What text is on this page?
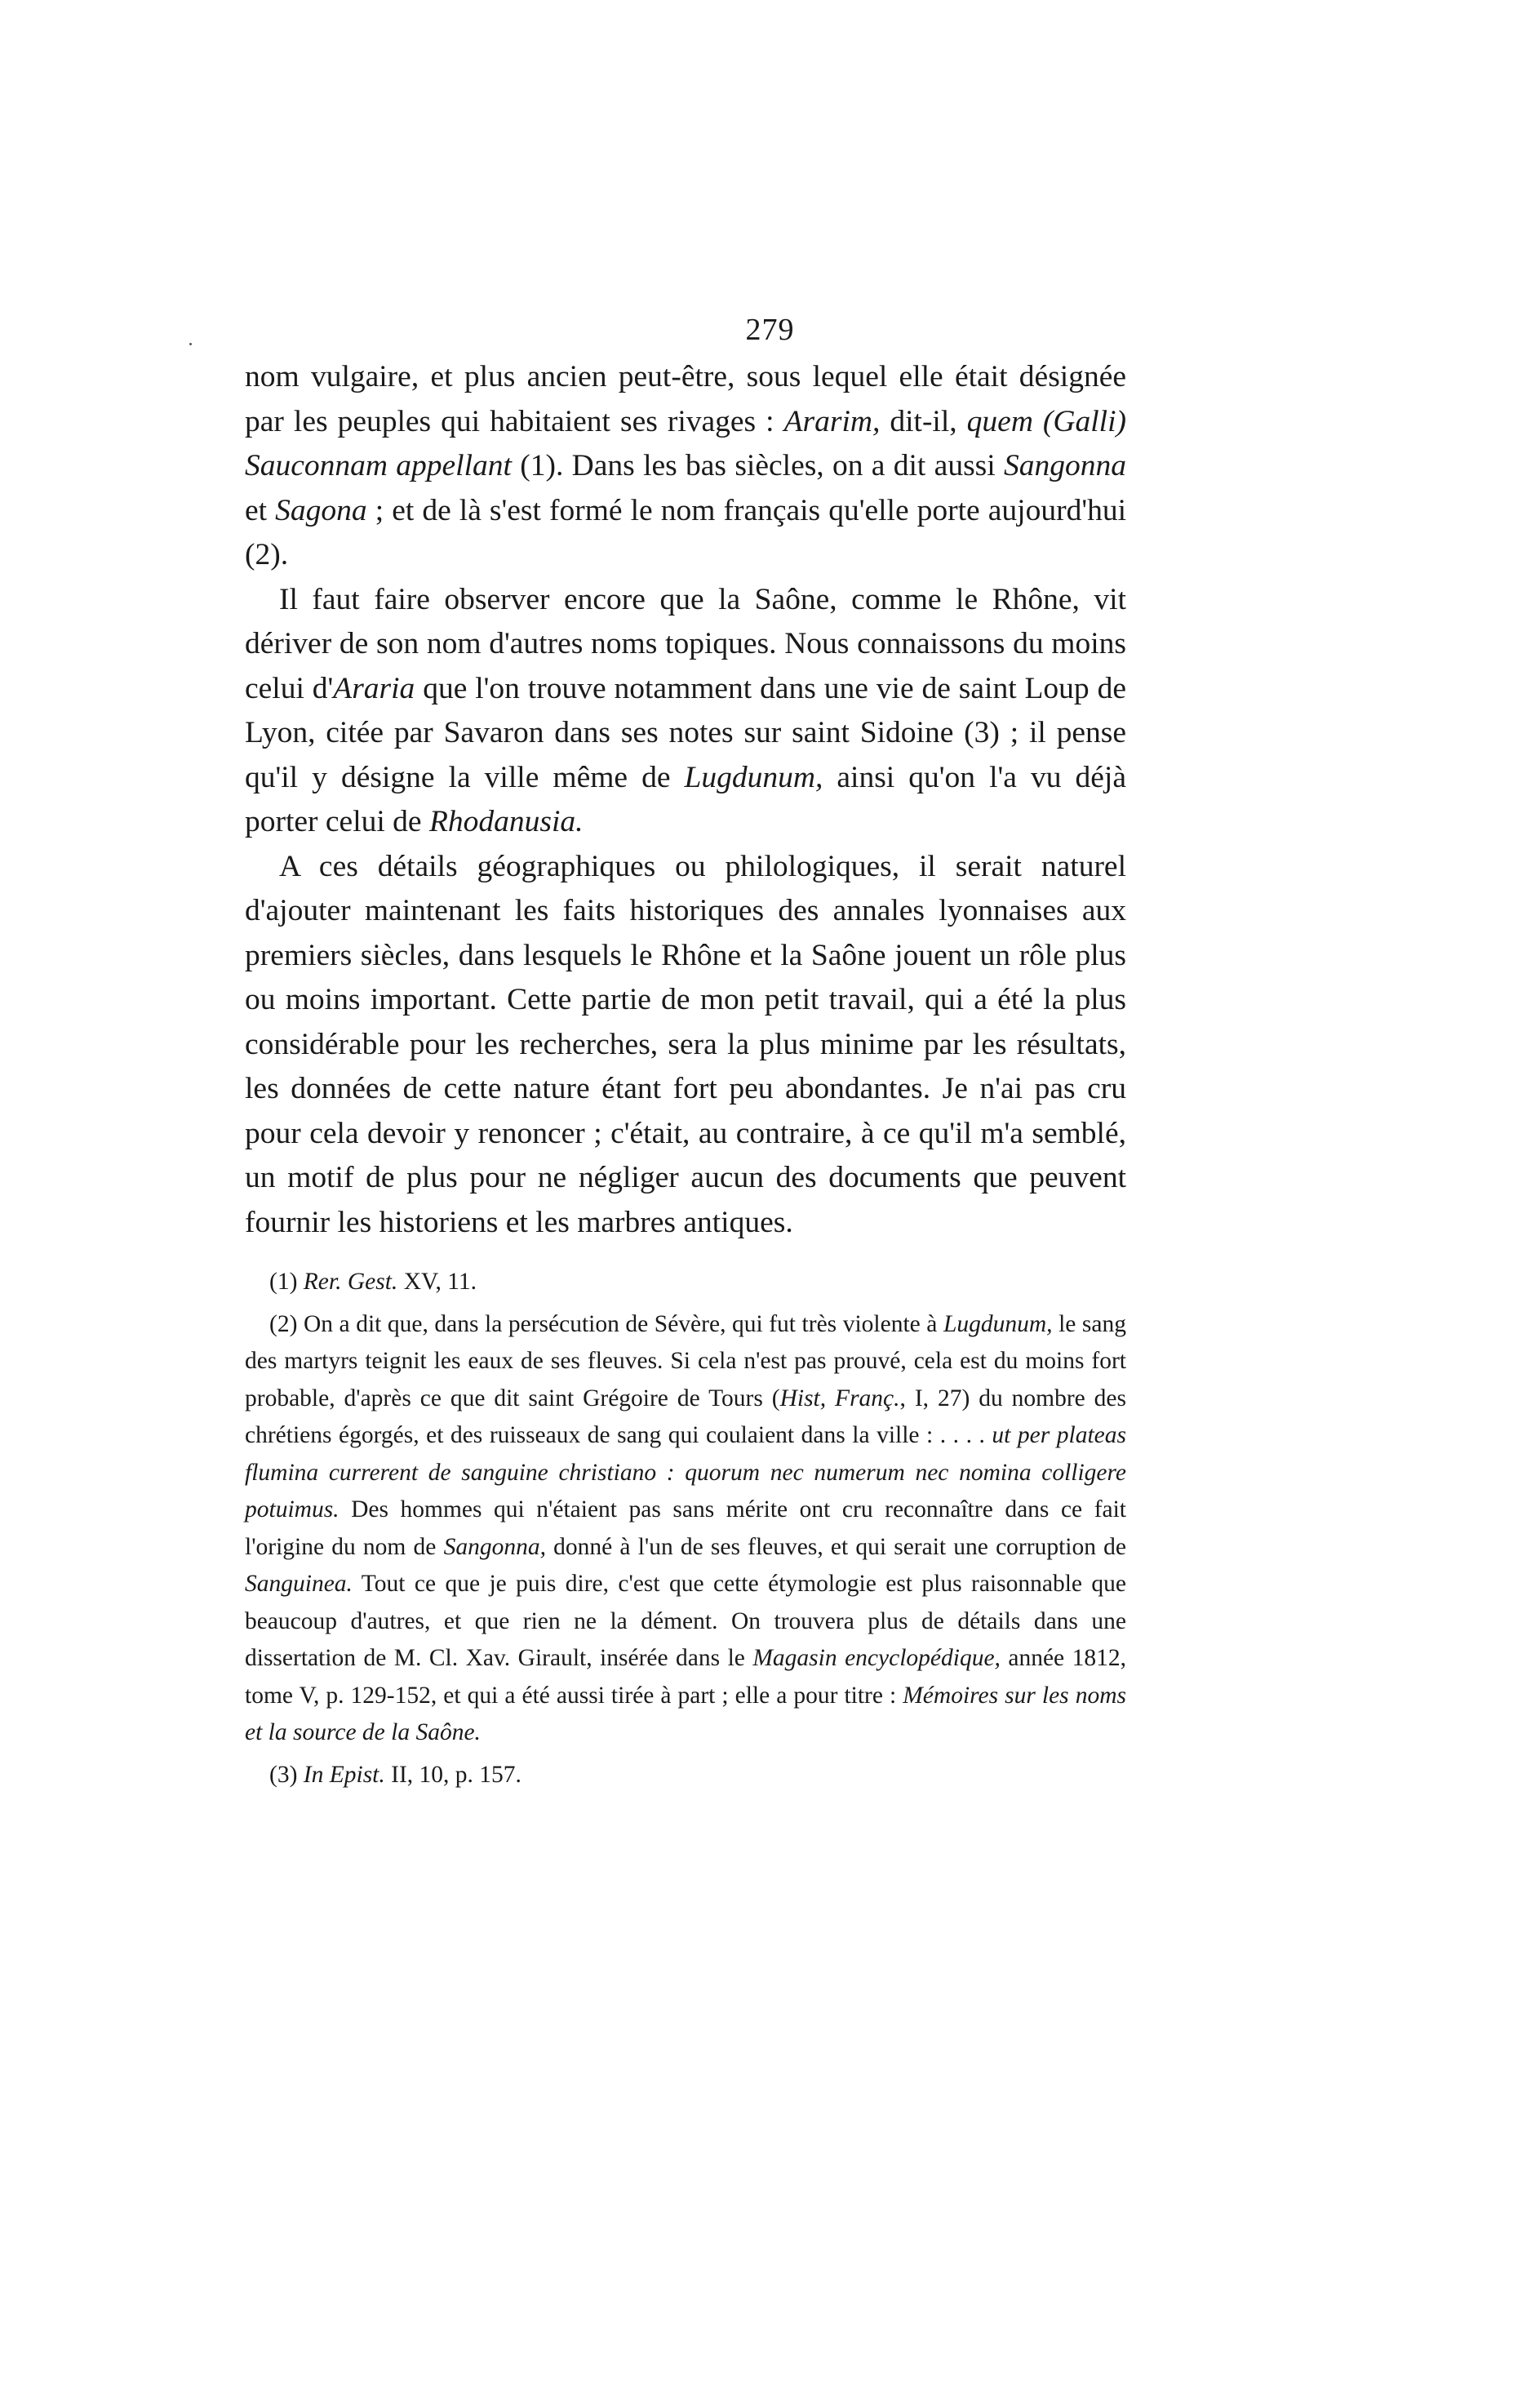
279

nom vulgaire, et plus ancien peut-être, sous lequel elle était désignée par les peuples qui habitaient ses rivages : Ararim, dit-il, quem (Galli) Sauconnam appellant (1). Dans les bas siècles, on a dit aussi Sangonna et Sagona ; et de là s'est formé le nom français qu'elle porte aujourd'hui (2).

Il faut faire observer encore que la Saône, comme le Rhône, vit dériver de son nom d'autres noms topiques. Nous connaissons du moins celui d'Araria que l'on trouve notamment dans une vie de saint Loup de Lyon, citée par Savaron dans ses notes sur saint Sidoine (3) ; il pense qu'il y désigne la ville même de Lugdunum, ainsi qu'on l'a vu déjà porter celui de Rhodanusia.

A ces détails géographiques ou philologiques, il serait naturel d'ajouter maintenant les faits historiques des annales lyonnaises aux premiers siècles, dans lesquels le Rhône et la Saône jouent un rôle plus ou moins important. Cette partie de mon petit travail, qui a été la plus considérable pour les recherches, sera la plus minime par les résultats, les données de cette nature étant fort peu abondantes. Je n'ai pas cru pour cela devoir y renoncer ; c'était, au contraire, à ce qu'il m'a semblé, un motif de plus pour ne négliger aucun des documents que peuvent fournir les historiens et les marbres antiques.

(1) Rer. Gest. XV, 11.

(2) On a dit que, dans la persécution de Sévère, qui fut très violente à Lugdunum, le sang des martyrs teignit les eaux de ses fleuves. Si cela n'est pas prouvé, cela est du moins fort probable, d'après ce que dit saint Grégoire de Tours (Hist, Franç., I, 27) du nombre des chrétiens égorgés, et des ruisseaux de sang qui coulaient dans la ville : . . . . ut per plateas flumina currerent de sanguine christiano : quorum nec numerum nec nomina colligere potuimus. Des hommes qui n'étaient pas sans mérite ont cru reconnaître dans ce fait l'origine du nom de Sangonna, donné à l'un de ses fleuves, et qui serait une corruption de Sanguinea. Tout ce que je puis dire, c'est que cette étymologie est plus raisonnable que beaucoup d'autres, et que rien ne la dément. On trouvera plus de détails dans une dissertation de M. Cl. Xav. Girault, insérée dans le Magasin encyclopédique, année 1812, tome V, p. 129-152, et qui a été aussi tirée à part ; elle a pour titre : Mémoires sur les noms et la source de la Saône.

(3) In Epist. II, 10, p. 157.
